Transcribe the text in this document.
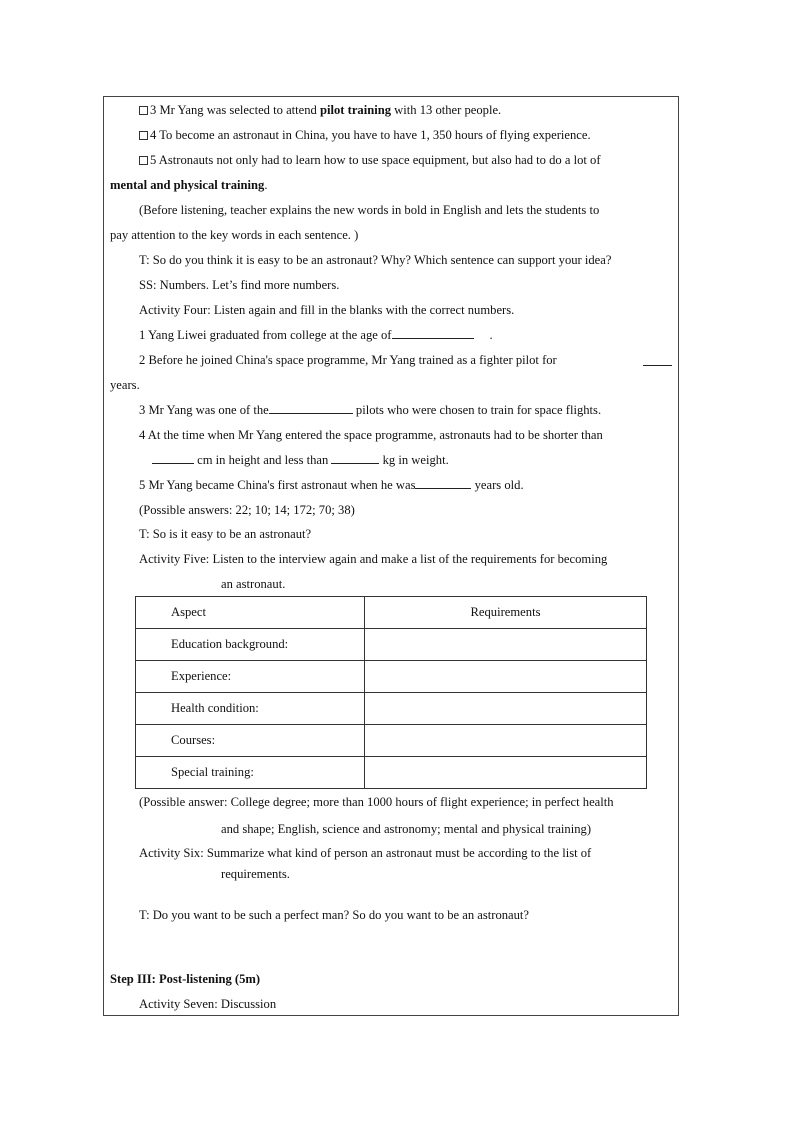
3 Mr Yang was selected to attend pilot training with 13 other people.
4 To become an astronaut in China, you have to have 1, 350 hours of flying experience.
5 Astronauts not only had to learn how to use space equipment, but also had to do a lot of
mental and physical training.
(Before listening, teacher explains the new words in bold in English and lets the students to
pay attention to the key words in each sentence. )
T: So do you think it is easy to be an astronaut? Why? Which sentence can support your idea?
SS: Numbers. Let’s find more numbers.
Activity Four: Listen again and fill in the blanks with the correct numbers.
1 Yang Liwei graduated from college at the age of	.
2 Before he joined China's space programme, Mr Yang trained as a fighter pilot for
years.
3 Mr Yang was one of the	pilots who were chosen to train for space flights.
4 At the time when Mr Yang entered the space programme, astronauts had to be shorter than
cm in height and less than	kg in weight.
5 Mr Yang became China's first astronaut when he was	years old.
(Possible answers: 22; 10; 14; 172; 70; 38)
T: So is it easy to be an astronaut?
Activity Five: Listen to the interview again and make a list of the requirements for becoming
an astronaut.
Aspect	Requirements
Education background:	
Experience:	
Health condition:	
Courses:	
Special training:	
(Possible answer: College degree; more than 1000 hours of flight experience; in perfect health
and shape; English, science and astronomy; mental and physical training)
Activity Six: Summarize what kind of person an astronaut must be according to the list of
requirements.
T: Do you want to be such a perfect man? So do you want to be an astronaut?
Step III: Post-listening (5m)
Activity Seven: Discussion
